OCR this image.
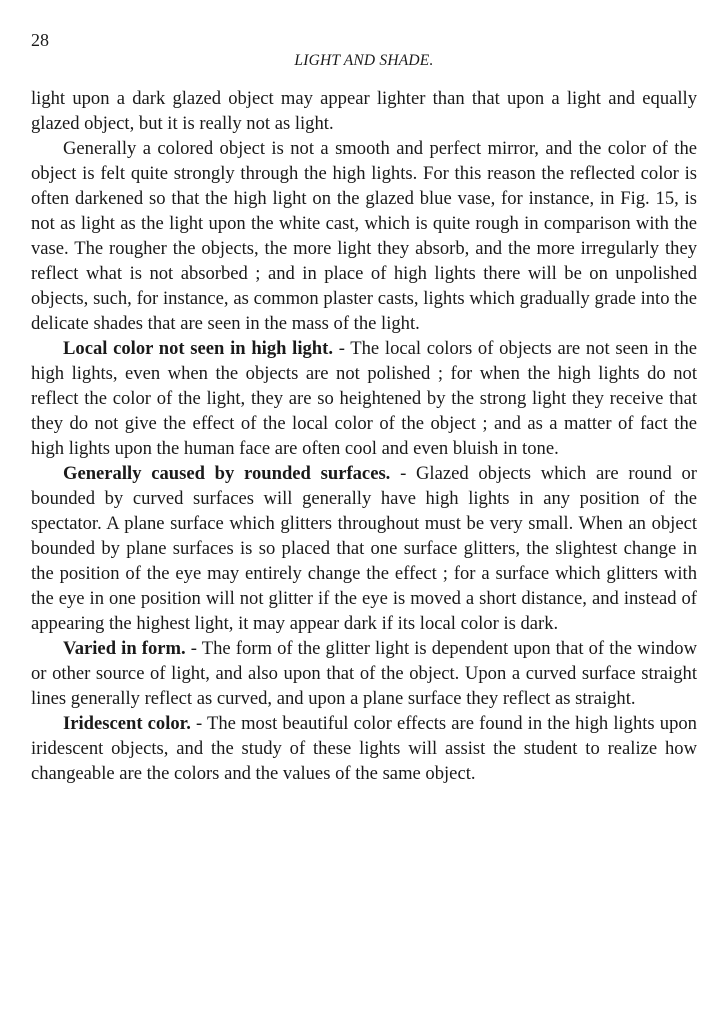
28
LIGHT AND SHADE.

light upon a dark glazed object may appear lighter than that upon a light and equally glazed object, but it is really not as light.

Generally a colored object is not a smooth and perfect mirror, and the color of the object is felt quite strongly through the high lights. For this reason the reflected color is often darkened so that the high light on the glazed blue vase, for instance, in Fig. 15, is not as light as the light upon the white cast, which is quite rough in comparison with the vase. The rougher the objects, the more light they absorb, and the more irregularly they reflect what is not absorbed ; and in place of high lights there will be on unpolished objects, such, for instance, as common plaster casts, lights which gradually grade into the delicate shades that are seen in the mass of the light.

Local color not seen in high light. - The local colors of objects are not seen in the high lights, even when the objects are not polished ; for when the high lights do not reflect the color of the light, they are so heightened by the strong light they receive that they do not give the effect of the local color of the object ; and as a matter of fact the high lights upon the human face are often cool and even bluish in tone.

Generally caused by rounded surfaces. - Glazed objects which are round or bounded by curved surfaces will generally have high lights in any position of the spectator. A plane surface which glitters throughout must be very small. When an object bounded by plane surfaces is so placed that one surface glitters, the slightest change in the position of the eye may entirely change the effect ; for a surface which glitters with the eye in one position will not glitter if the eye is moved a short distance, and instead of appearing the highest light, it may appear dark if its local color is dark.

Varied in form. - The form of the glitter light is dependent upon that of the window or other source of light, and also upon that of the object. Upon a curved surface straight lines generally reflect as curved, and upon a plane surface they reflect as straight.

Iridescent color. - The most beautiful color effects are found in the high lights upon iridescent objects, and the study of these lights will assist the student to realize how changeable are the colors and the values of the same object.
